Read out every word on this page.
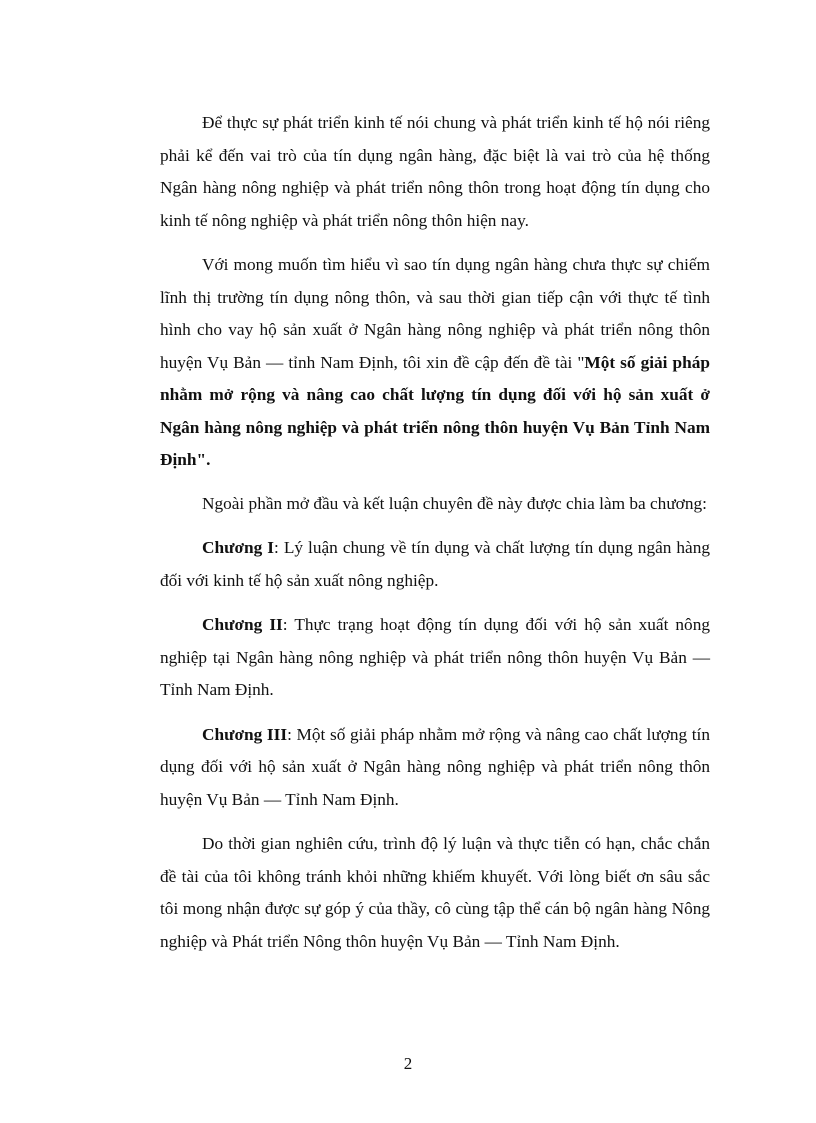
Để thực sự phát triển kinh tế nói chung và phát triển kinh tế hộ nói riêng phải kể đến vai trò của tín dụng ngân hàng, đặc biệt là vai trò của hệ thống Ngân hàng nông nghiệp và phát triển nông thôn trong hoạt động tín dụng cho kinh tế nông nghiệp và phát triển nông thôn hiện nay.

Với mong muốn tìm hiểu vì sao tín dụng ngân hàng chưa thực sự chiếm lĩnh thị trường tín dụng nông thôn, và sau thời gian tiếp cận với thực tế tình hình cho vay hộ sản xuất ở Ngân hàng nông nghiệp và phát triển nông thôn huyện Vụ Bản — tỉnh Nam Định, tôi xin đề cập đến đề tài "Một số giải pháp nhằm mở rộng và nâng cao chất lượng tín dụng đối với hộ sản xuất ở Ngân hàng nông nghiệp và phát triển nông thôn huyện Vụ Bản Tỉnh Nam Định".

Ngoài phần mở đầu và kết luận chuyên đề này được chia làm ba chương:

Chương I: Lý luận chung về tín dụng và chất lượng tín dụng ngân hàng đối với kinh tế hộ sản xuất nông nghiệp.

Chương II: Thực trạng hoạt động tín dụng đối với hộ sản xuất nông nghiệp tại Ngân hàng nông nghiệp và phát triển nông thôn huyện Vụ Bản — Tỉnh Nam Định.

Chương III: Một số giải pháp nhằm mở rộng và nâng cao chất lượng tín dụng đối với hộ sản xuất ở Ngân hàng nông nghiệp và phát triển nông thôn huyện Vụ Bản — Tỉnh Nam Định.

Do thời gian nghiên cứu, trình độ lý luận và thực tiễn có hạn, chắc chắn đề tài của tôi không tránh khỏi những khiếm khuyết. Với lòng biết ơn sâu sắc tôi mong nhận được sự góp ý của thầy, cô cùng tập thể cán bộ ngân hàng Nông nghiệp và Phát triển Nông thôn huyện Vụ Bản — Tỉnh Nam Định.

2
